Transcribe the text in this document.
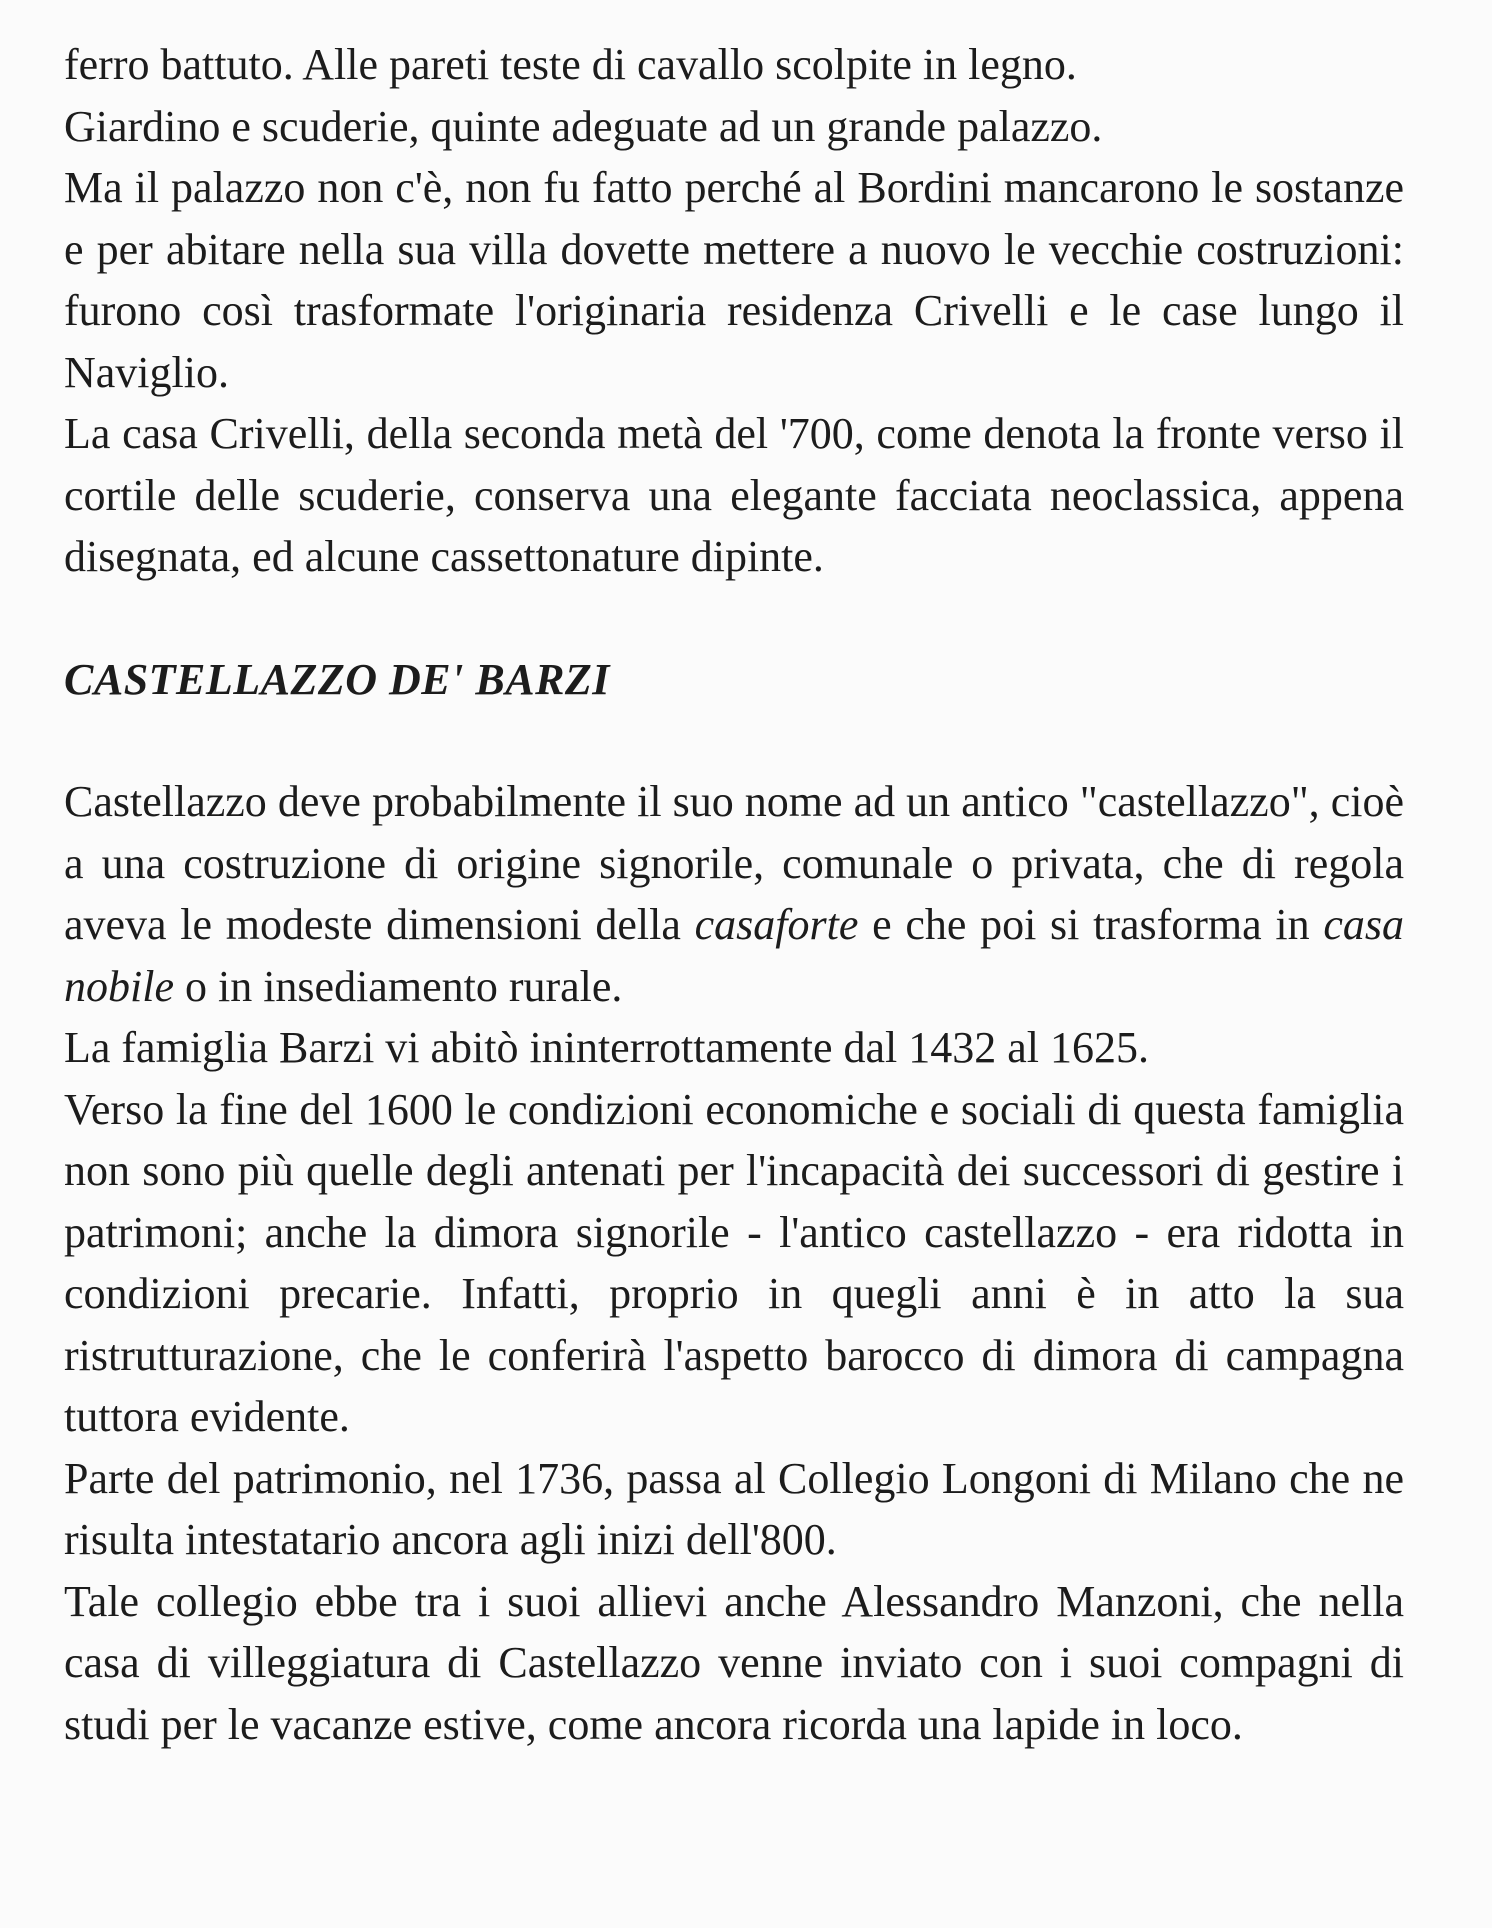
ferro battuto. Alle pareti teste di cavallo scolpite in legno.

Giardino e scuderie, quinte adeguate ad un grande palazzo.

Ma il palazzo non c'è, non fu fatto perché al Bordini mancarono le sostanze e per abitare nella sua villa dovette mettere a nuovo le vecchie costruzioni: furono così trasformate l'originaria residenza Crivelli e le case lungo il Naviglio.

La casa Crivelli, della seconda metà del '700, come denota la fronte verso il cortile delle scuderie, conserva una elegante facciata neoclassica, appena disegnata, ed alcune cassettonature dipinte.

CASTELLAZZO DE' BARZI

Castellazzo deve probabilmente il suo nome ad un antico "castellazzo", cioè a una costruzione di origine signorile, comunale o privata, che di regola aveva le modeste dimensioni della casaforte e che poi si trasforma in casa nobile o in insediamento rurale.

La famiglia Barzi vi abitò ininterrottamente dal 1432 al 1625.

Verso la fine del 1600 le condizioni economiche e sociali di questa famiglia non sono più quelle degli antenati per l'incapacità dei successori di gestire i patrimoni; anche la dimora signorile - l'antico castellazzo - era ridotta in condizioni precarie. Infatti, proprio in quegli anni è in atto la sua ristrutturazione, che le conferirà l'aspetto barocco di dimora di campagna tuttora evidente.

Parte del patrimonio, nel 1736, passa al Collegio Longoni di Milano che ne risulta intestatario ancora agli inizi dell'800.

Tale collegio ebbe tra i suoi allievi anche Alessandro Manzoni, che nella casa di villeggiatura di Castellazzo venne inviato con i suoi compagni di studi per le vacanze estive, come ancora ricorda una lapide in loco.
